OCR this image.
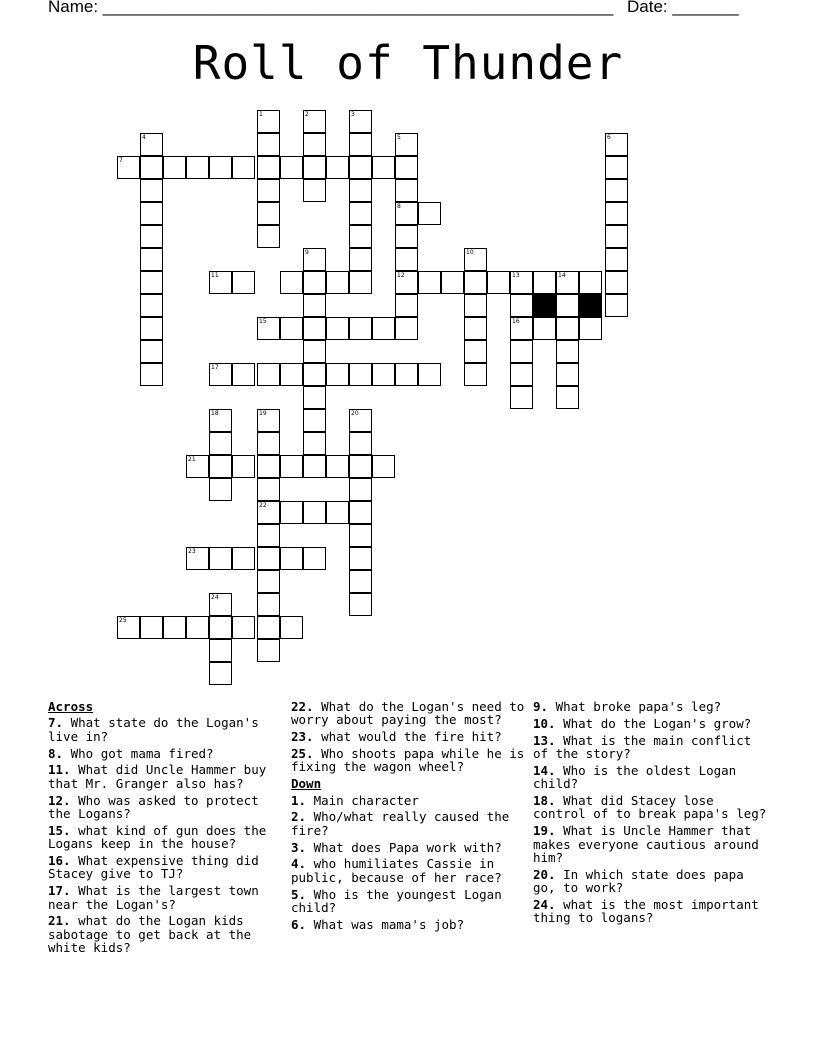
Name: ______________________________________________________ Date: _______
Roll of Thunder
1	2	3
4	5	6
7
8
9	10
11	12	13	14
15	16
17
18	19	20
21
22
23
24
25
Across
7. What state do the Logan's live in?
8. Who got mama fired?
11. What did Uncle Hammer buy that Mr. Granger also has?
12. Who was asked to protect the Logans?
15. what kind of gun does the Logans keep in the house?
16. What expensive thing did Stacey give to TJ?
17. What is the largest town near the Logan's?
21. what do the Logan kids sabotage to get back at the white kids?
22. What do the Logan's need to worry about paying the most?
23. what would the fire hit?
25. Who shoots papa while he is fixing the wagon wheel?
Down
1. Main character
2. Who/what really caused the fire?
3. What does Papa work with?
4. who humiliates Cassie in public, because of her race?
5. Who is the youngest Logan child?
6. What was mama's job?
9. What broke papa's leg?
10. What do the Logan's grow?
13. What is the main conflict of the story?
14. Who is the oldest Logan child?
18. What did Stacey lose control of to break papa's leg?
19. What is Uncle Hammer that makes everyone cautious around him?
20. In which state does papa go, to work?
24. what is the most important thing to logans?
